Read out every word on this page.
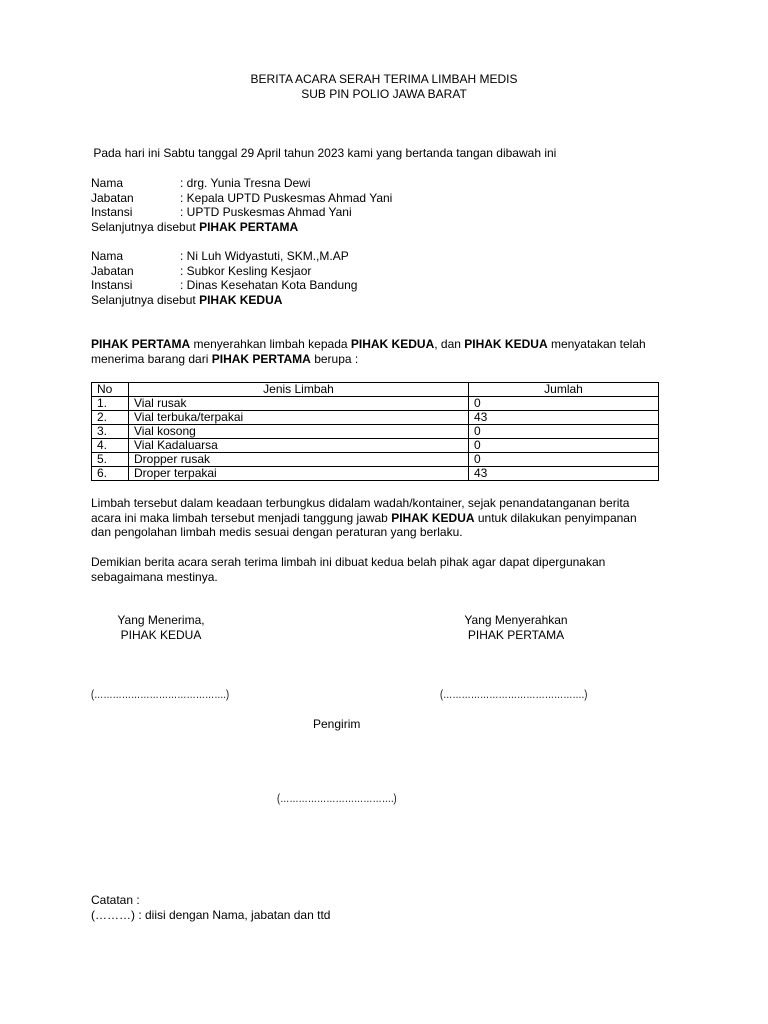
BERITA ACARA SERAH TERIMA LIMBAH MEDIS
SUB PIN POLIO JAWA BARAT
Pada hari ini Sabtu tanggal 29 April tahun 2023 kami yang bertanda tangan dibawah ini
Nama	: drg. Yunia Tresna Dewi
Jabatan	: Kepala UPTD Puskesmas Ahmad Yani
Instansi	: UPTD Puskesmas Ahmad Yani
Selanjutnya disebut PIHAK PERTAMA
Nama	: Ni Luh Widyastuti, SKM.,M.AP
Jabatan	: Subkor Kesling Kesjaor
Instansi	: Dinas Kesehatan Kota Bandung
Selanjutnya disebut PIHAK KEDUA
PIHAK PERTAMA menyerahkan limbah kepada PIHAK KEDUA , dan PIHAK KEDUA menyatakan telah
menerima barang dari PIHAK PERTAMA berupa :
No	Jenis Limbah	Jumlah
1.	Vial rusak	0
2.	Vial terbuka/terpakai	43
3.	Vial kosong	0
4.	Vial Kadaluarsa	0
5.	Dropper rusak	0
6.	Droper terpakai	43
Limbah tersebut dalam keadaan terbungkus didalam wadah/kontainer, sejak penandatanganan berita
acara ini maka limbah tersebut menjadi tanggung jawab PIHAK KEDUA untuk dilakukan penyimpanan
dan pengolahan limbah medis sesuai dengan peraturan yang berlaku.
Demikian berita acara serah terima limbah ini dibuat kedua belah pihak agar dapat dipergunakan
sebagaimana mestinya.
Yang Menerima,
PIHAK KEDUA
Yang Menyerahkan
PIHAK PERTAMA
(…………………………………….)	(……………………………………….)
Pengirim
(……………………………….)
Catatan :
(………) : diisi dengan Nama, jabatan dan ttd
